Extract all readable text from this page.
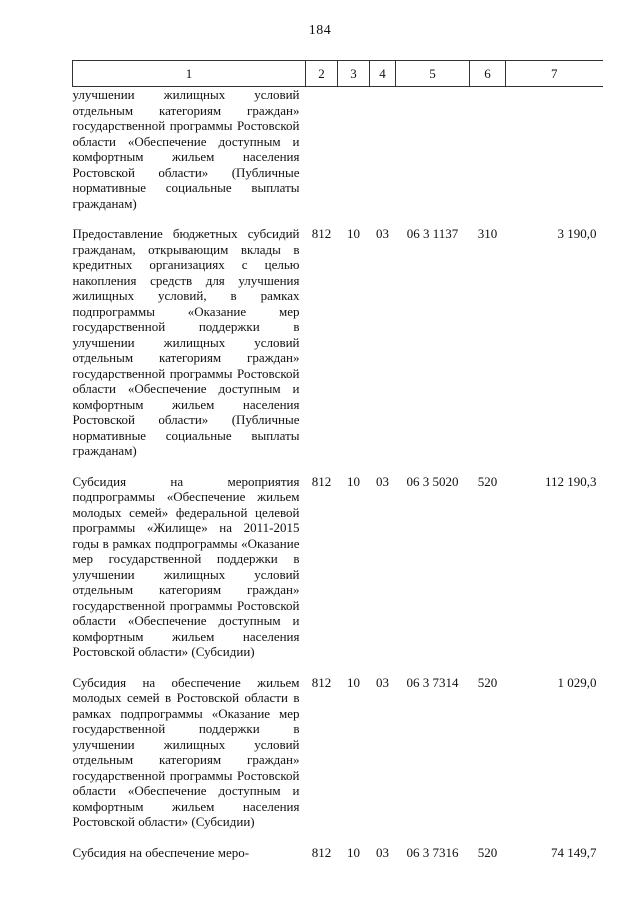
184
1	2	3	4	5	6	7
улучшении жилищных условий отдельным категориям граждан» государственной программы Ростовской области «Обеспечение доступным и комфортным жильем населения Ростовской области» (Публичные нормативные социальные выплаты гражданам)						

Предоставление бюджетных субсидий гражданам, открывающим вклады в кредитных организациях с целью накопления средств для улучшения жилищных условий, в рамках подпрограммы «Оказание мер государственной поддержки в улучшении жилищных условий отдельным категориям граждан» государственной программы Ростовской области «Обеспечение доступным и комфортным жильем населения Ростовской области» (Публичные нормативные социальные выплаты гражданам)	812	10	03	06 3 1137	310	3 190,0

Субсидия на мероприятия подпрограммы «Обеспечение жильем молодых семей» федеральной целевой программы «Жилище» на 2011-2015 годы в рамках подпрограммы «Оказание мер государственной поддержки в улучшении жилищных условий отдельным категориям граждан» государственной программы Ростовской области «Обеспечение доступным и комфортным жильем населения Ростовской области» (Субсидии)	812	10	03	06 3 5020	520	112 190,3

Субсидия на обеспечение жильем молодых семей в Ростовской области в рамках подпрограммы «Оказание мер государственной поддержки в улучшении жилищных условий отдельным категориям граждан» государственной программы Ростовской области «Обеспечение доступным и комфортным жильем населения Ростовской области» (Субсидии)	812	10	03	06 3 7314	520	1 029,0

Субсидия на обеспечение меро-	812	10	03	06 3 7316	520	74 149,7
